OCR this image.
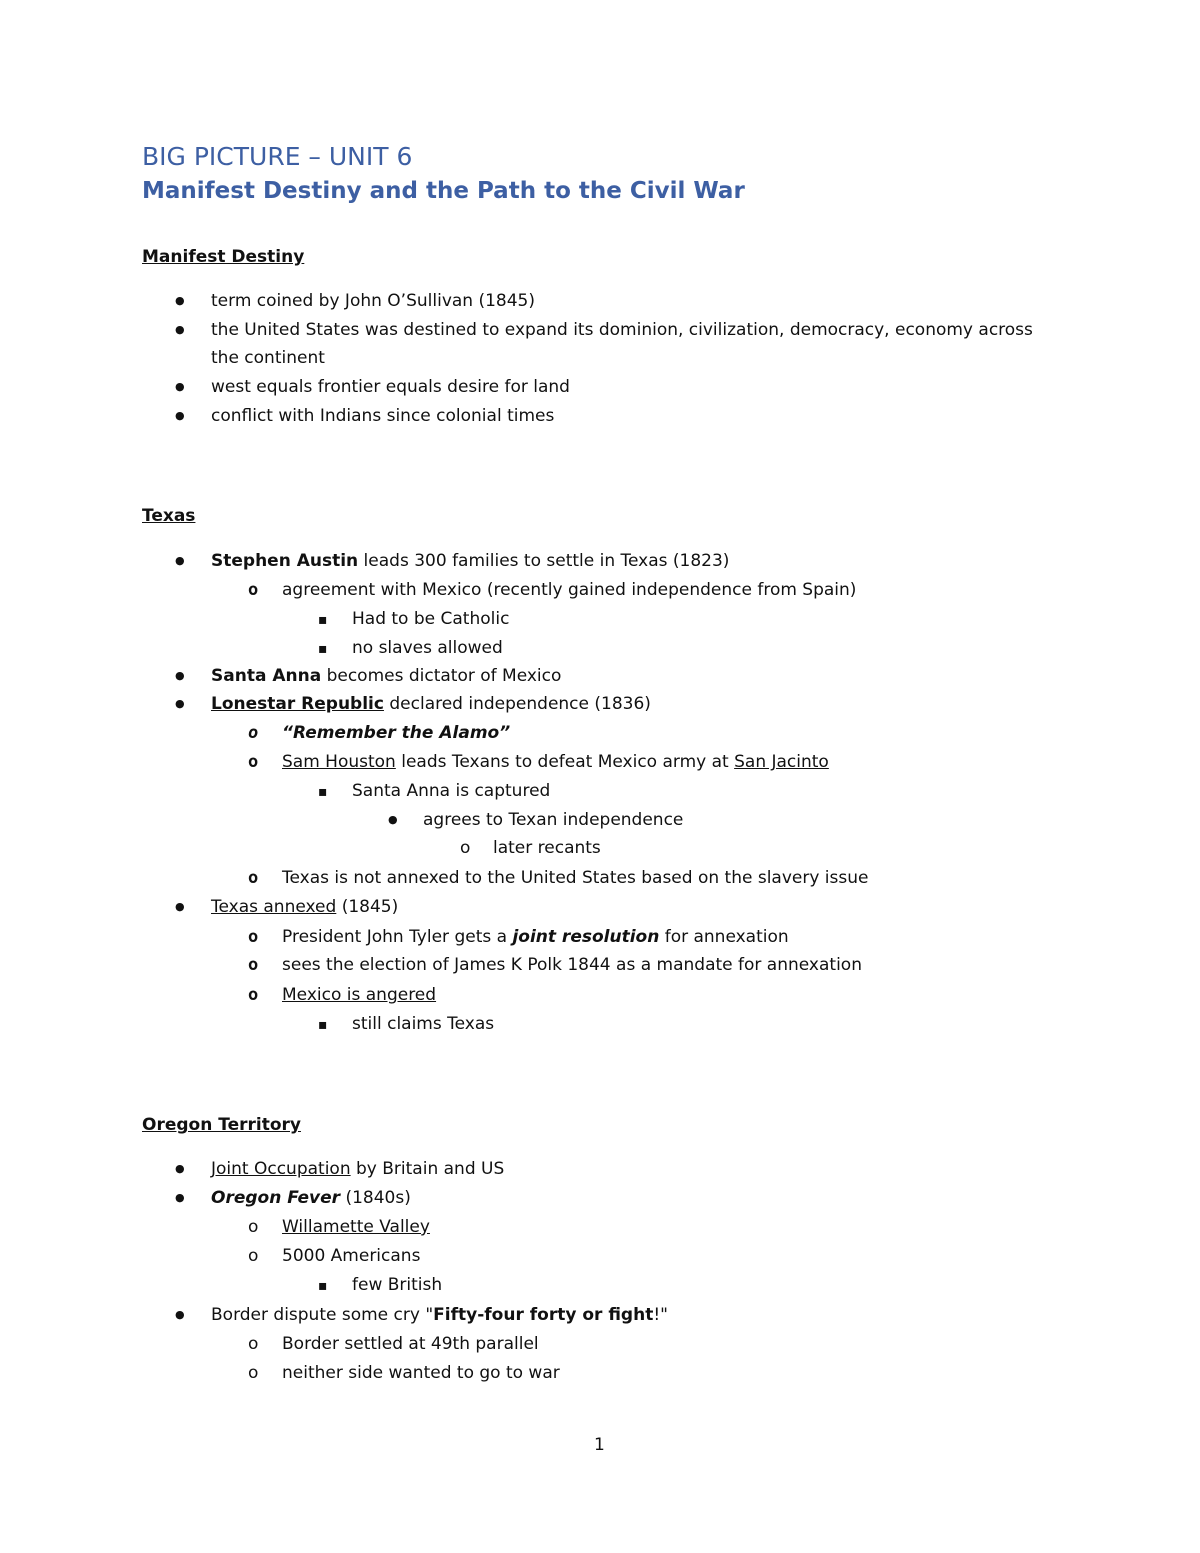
BIG PICTURE – UNIT 6
Manifest Destiny and the Path to the Civil War

Manifest Destiny

●

term coined by John O’Sullivan (1845)

●

the United States was destined to expand its dominion, civilization, democracy, economy across

the continent

●

west equals frontier equals desire for land

●

conflict with Indians since colonial times

Texas

●

Stephen Austin leads 300 families to settle in Texas (1823)

o

agreement with Mexico (recently gained independence from Spain)

▪

Had to be Catholic

▪

no slaves allowed

●

Santa Anna becomes dictator of Mexico

●

Lonestar Republic declared independence (1836)

o

“Remember the Alamo”

o

Sam Houston leads Texans to defeat Mexico army at San Jacinto

▪

Santa Anna is captured

●

agrees to Texan independence

o

later recants

o

Texas is not annexed to the United States based on the slavery issue

●

Texas annexed (1845)

o

President John Tyler gets a joint resolution for annexation

o

sees the election of James K Polk 1844 as a mandate for annexation

o

Mexico is angered

▪

still claims Texas

Oregon Territory

●

Joint Occupation by Britain and US

●

Oregon Fever (1840s)

o

Willamette Valley

o

5000 Americans

▪

few British

●

Border dispute some cry "Fifty-four forty or fight!"

o

Border settled at 49th parallel

o

neither side wanted to go to war

1
